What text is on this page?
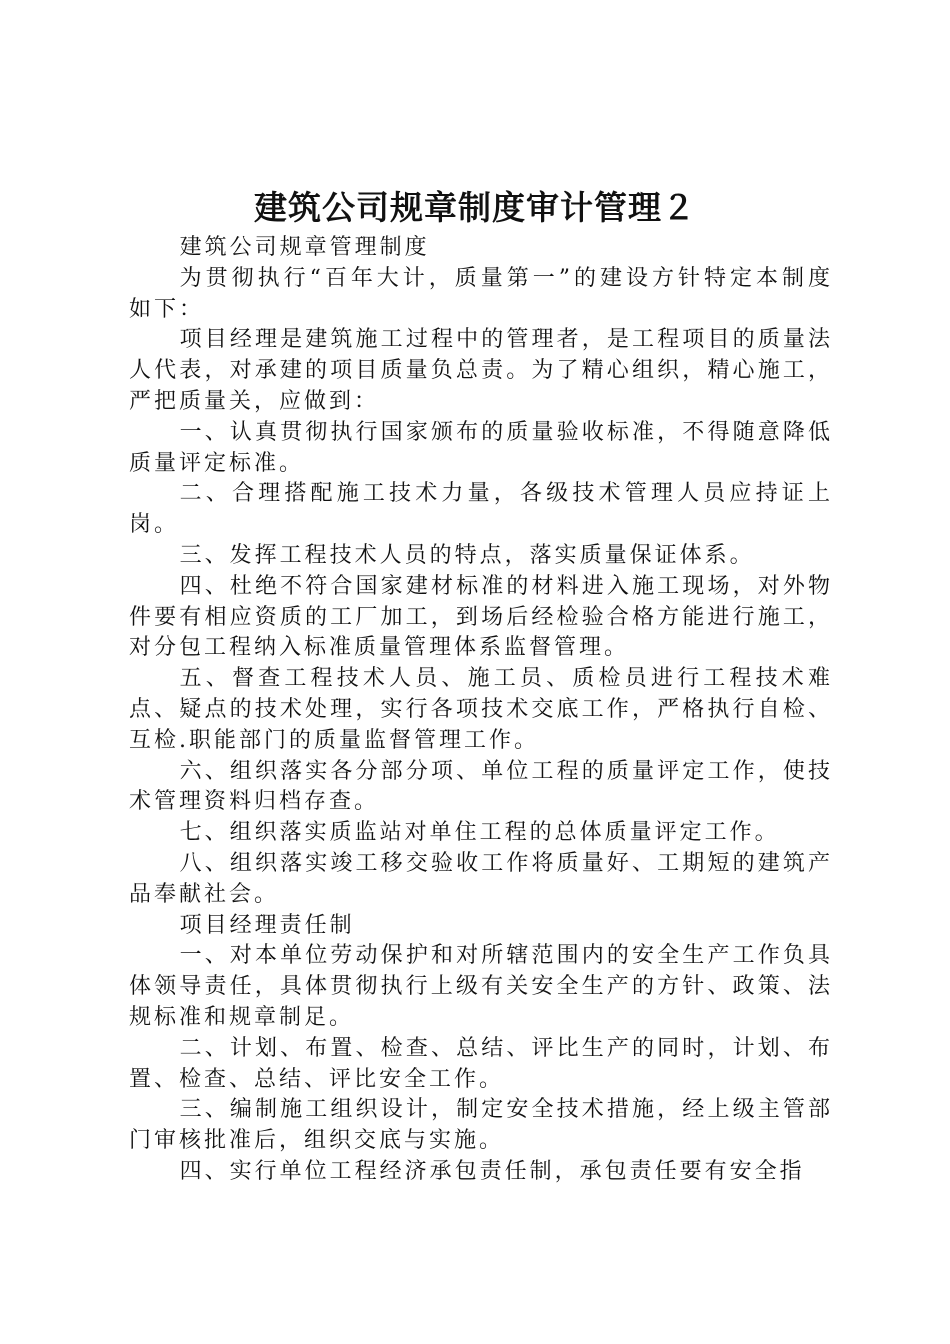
建筑公司规章制度审计管理２

建筑公司规章管理制度

为贯彻执行“百年大计，质量第一”的建设方针特定本制度如下：

项目经理是建筑施工过程中的管理者，是工程项目的质量法人代表，对承建的项目质量负总责。为了精心组织，精心施工，严把质量关，应做到：

一、认真贯彻执行国家颁布的质量验收标准，不得随意降低质量评定标准。

二、合理搭配施工技术力量，各级技术管理人员应持证上岗。

三、发挥工程技术人员的特点，落实质量保证体系。

四、杜绝不符合国家建材标准的材料进入施工现场，对外物件要有相应资质的工厂加工，到场后经检验合格方能进行施工，对分包工程纳入标准质量管理体系监督管理。

五、督查工程技术人员、施工员、质检员进行工程技术难点、疑点的技术处理，实行各项技术交底工作，严格执行自检、互检.职能部门的质量监督管理工作。

六、组织落实各分部分项、单位工程的质量评定工作，使技术管理资料归档存查。

七、组织落实质监站对单住工程的总体质量评定工作。

八、组织落实竣工移交验收工作将质量好、工期短的建筑产品奉献社会。

项目经理责任制

一、对本单位劳动保护和对所辖范围内的安全生产工作负具体领导责任，具体贯彻执行上级有关安全生产的方针、政策、法规标准和规章制足。

二、计划、布置、检查、总结、评比生产的同时，计划、布置、检查、总结、评比安全工作。

三、编制施工组织设计，制定安全技术措施，经上级主管部门审核批准后，组织交底与实施。

四、实行单位工程经济承包责任制，承包责任要有安全指
